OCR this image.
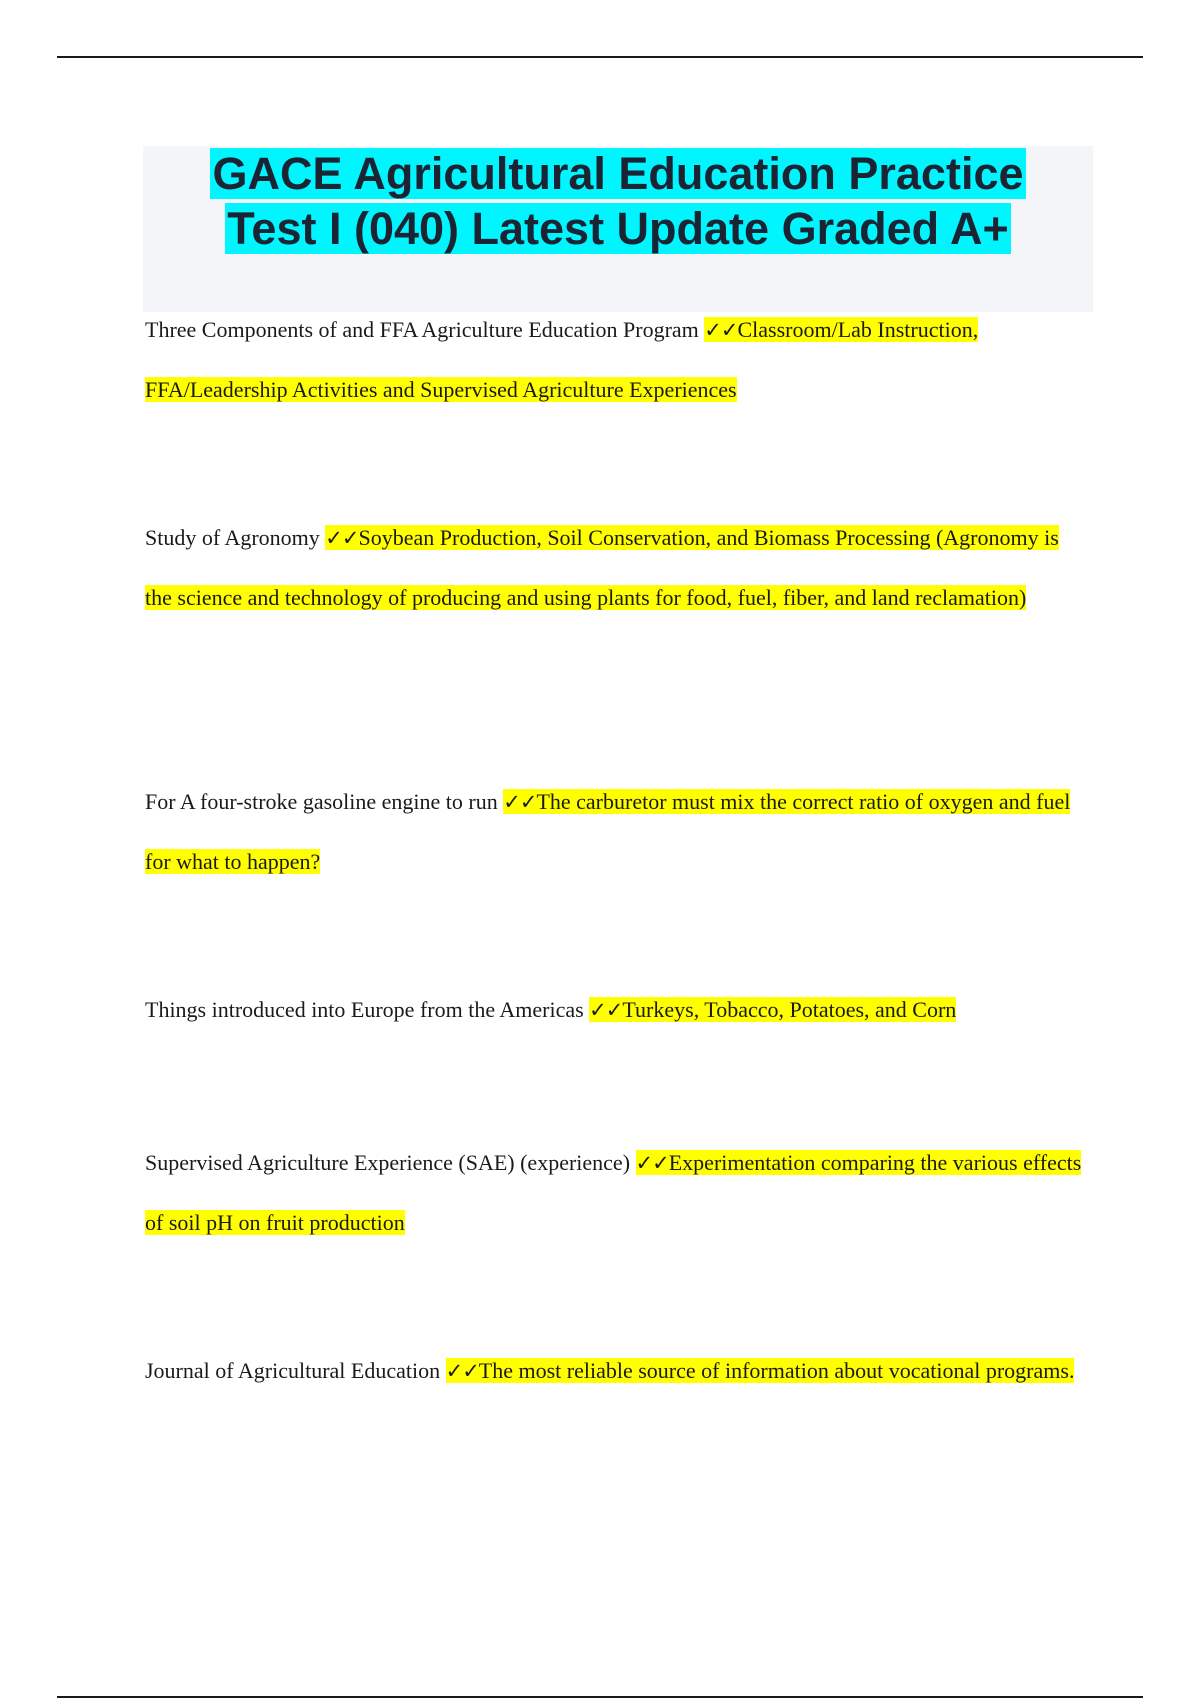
GACE Agricultural Education Practice
Test I (040) Latest Update Graded A+

Three Components of and FFA Agriculture Education Program ✓✓Classroom/Lab Instruction, FFA/Leadership Activities and Supervised Agriculture Experiences

Study of Agronomy ✓✓Soybean Production, Soil Conservation, and Biomass Processing (Agronomy is the science and technology of producing and using plants for food, fuel, fiber, and land reclamation)

For A four-stroke gasoline engine to run ✓✓The carburetor must mix the correct ratio of oxygen and fuel for what to happen?

Things introduced into Europe from the Americas ✓✓Turkeys, Tobacco, Potatoes, and Corn

Supervised Agriculture Experience (SAE) (experience) ✓✓Experimentation comparing the various effects of soil pH on fruit production

Journal of Agricultural Education ✓✓The most reliable source of information about vocational programs.
